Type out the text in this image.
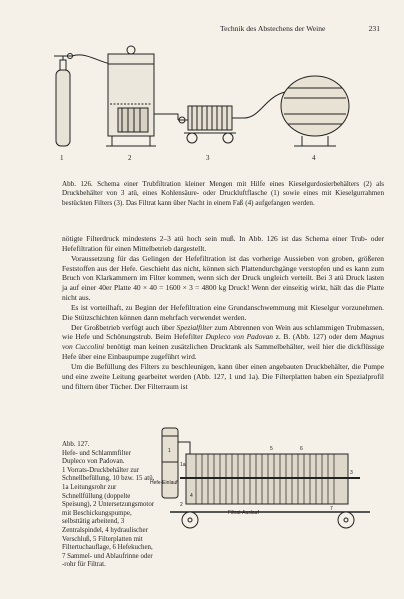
Technik des Abstechens der Weine	231
1	2	3	4
Abb. 126. Schema einer Trubfiltration kleiner Mengen mit Hilfe eines Kieselgurdosierbehälters (2) als Druckbehälter von 3 atü, eines Kohlensäure- oder Druckluftflasche (1) sowie eines mit Kieselgurrahmen bestückten Filters (3). Das Filtrat kann über Nacht in einem Faß (4) aufgefangen werden.

nötigte Filterdruck mindestens 2–3 atü hoch sein muß. In Abb. 126 ist das Schema einer Trub- oder Hefefiltration für einen Mittelbetrieb dargestellt.

Voraussetzung für das Gelingen der Hefefiltration ist das vorherige Aussieben von groben, größeren Feststoffen aus der Hefe. Geschieht das nicht, können sich Plattendurchgänge verstopfen und es kann zum Bruch von Klarkammern im Filter kommen, wenn sich der Druck ungleich verteilt. Bei 3 atü Druck lasten ja auf einer 40er Platte 40 × 40 = 1600 × 3 = 4800 kg Druck! Wenn der einseitig wirkt, hält das die Platte nicht aus.

Es ist vorteilhaft, zu Beginn der Hefefiltration eine Grundanschwemmung mit Kieselgur vorzunehmen. Die Stützschichten können dann mehrfach verwendet werden.

Der Großbetrieb verfügt auch über Spezialfilter zum Abtrennen von Wein aus schlammigen Trubmassen, wie Hefe und Schönungstrub. Beim Hefefilter Dupleco von Padovan z. B. (Abb. 127) oder dem Magnus von Cuccolini benötigt man keinen zusätzlichen Drucktank als Sammelbehälter, weil hier die dickflüssige Hefe über eine Einbaupumpe zugeführt wird.

Um die Befüllung des Filters zu beschleunigen, kann über einen angebauten Druckbehälter, die Pumpe und eine zweite Leitung gearbeitet werden (Abb. 127, 1 und 1a). Die Filterplatten haben ein Spezialprofil und filtern über Tücher. Der Filterraum ist

Abb. 127.
Hefe- und Schlammfilter
Dupleco von Padovan.
1 Vorrats-Druckbehälter zur Schnellbefüllung, 10 bzw. 15 atü, 1a Leitungsrohr zur Schnellfüllung (doppelte Speisung), 2 Untersetzungsmotor mit Beschickungspumpe, selbsttätig arbeitend, 3 Zentralspindel, 4 hydraulischer Verschluß, 5 Filterplatten mit Filtertuchauflage, 6 Hefekuchen, 7 Sammel- und Ablaufrinne oder -rohr für Filtrat.
Hefe-Einlauf
Filtrat-Auslauf
1
1a
2
3
4
5	6
7
